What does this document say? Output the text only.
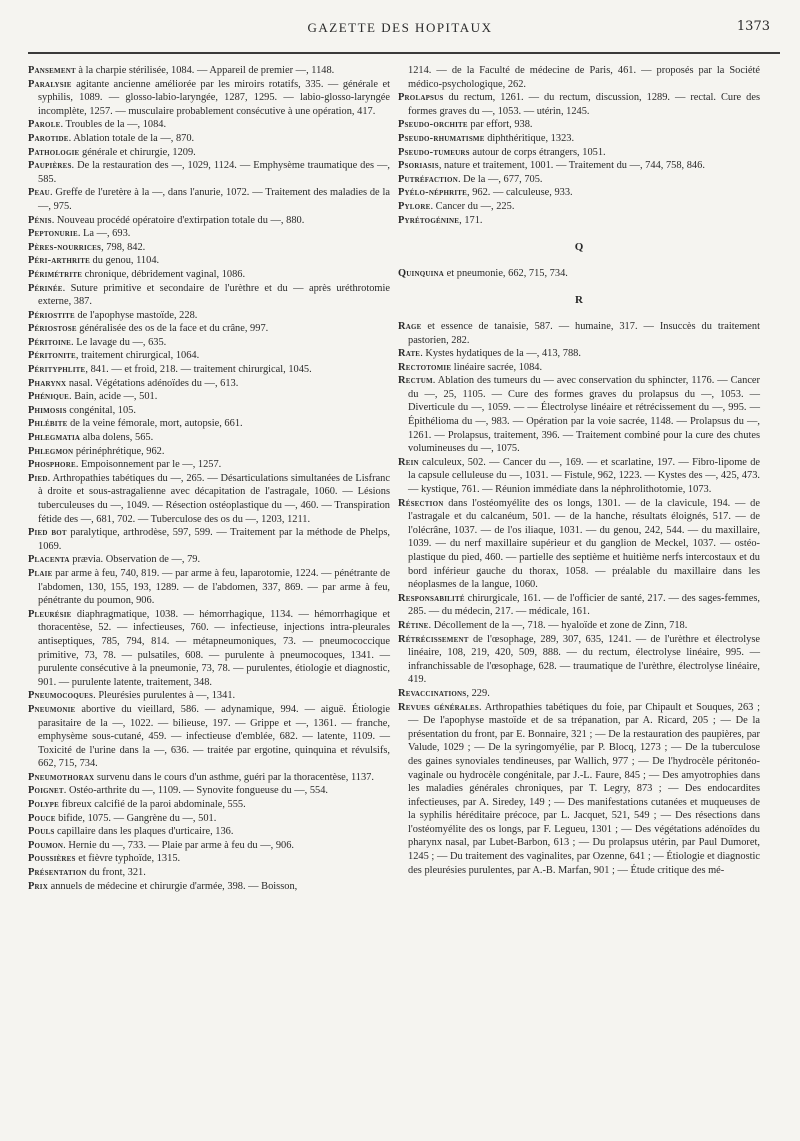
GAZETTE DES HOPITAUX	1373
Pansement à la charpie stérilisée, 1084. — Appareil de premier —, 1148.
Paralysie agitante ancienne améliorée par les miroirs rotatifs, 335. — générale et syphilis, 1089. — glosso-labio-laryngée, 1287, 1295. — labio-glosso-laryngée incomplète, 1257. — musculaire probablement consécutive à une opération, 417.
Parole. Troubles de la —, 1084.
Parotide. Ablation totale de la —, 870.
Pathologie générale et chirurgie, 1209.
Paupières. De la restauration des —, 1029, 1124. — Emphysème traumatique des —, 585.
Peau. Greffe de l'uretère à la —, dans l'anurie, 1072. — Traitement des maladies de la —, 975.
Pénis. Nouveau procédé opératoire d'extirpation totale du —, 880.
Peptonurie. La —, 693.
Pères-nourrices, 798, 842.
Péri-arthrite du genou, 1104.
Périmétrite chronique, débridement vaginal, 1086.
Périnée. Suture primitive et secondaire de l'urèthre et du — après uréthrotomie externe, 387.
Périostite de l'apophyse mastoïde, 228.
Périostose généralisée des os de la face et du crâne, 997.
Péritoine. Le lavage du —, 635.
Péritonite, traitement chirurgical, 1064.
Pérityphlite, 841. — et froid, 218. — traitement chirurgical, 1045.
Pharynx nasal. Végétations adénoïdes du —, 613.
Phénique. Bain, acide —, 501.
Phimosis congénital, 105.
Phlébite de la veine fémorale, mort, autopsie, 661.
Phlegmatia alba dolens, 565.
Phlegmon périnéphrétique, 962.
Phosphore. Empoisonnement par le —, 1257.
Pied. Arthropathies tabétiques du —, 265. — Désarticulations simultanées de Lisfranc à droite et sous-astragalienne avec décapitation de l'astragale, 1060. — Lésions tuberculeuses du —, 1049. — Résection ostéoplastique du —, 460. — Transpiration fétide des —, 681, 702. — Tuberculose des os du —, 1203, 1211.
Pied bot paralytique, arthrodèse, 597, 599. — Traitement par la méthode de Phelps, 1069.
Placenta prævia. Observation de —, 79.
Plaie par arme à feu, 740, 819. — par arme à feu, laparotomie, 1224. — pénétrante de l'abdomen, 130, 155, 193, 1289. — de l'abdomen, 337, 869. — par arme à feu, pénétrante du poumon, 906.
Pleurésie diaphragmatique, 1038. — hémorrhagique, 1134. — hémorrhagique et thoracentèse, 52. — infectieuses, 760. — infectieuse, injections intra-pleurales antiseptiques, 785, 794, 814. — métapneumoniques, 73. — pneumococcique primitive, 73, 78. — pulsatiles, 608. — purulente à pneumocoques, 1341. — purulente consécutive à la pneumonie, 73, 78. — purulentes, étiologie et diagnostic, 901. — purulente latente, traitement, 348.
Pneumocoques. Pleurésies purulentes à —, 1341.
Pneumonie abortive du vieillard, 586. — adynamique, 994. — aiguë. Étiologie parasitaire de la —, 1022. — bilieuse, 197. — Grippe et —, 1361. — franche, emphysème sous-cutané, 459. — infectieuse d'emblée, 682. — latente, 1109. — Toxicité de l'urine dans la —, 636. — traitée par ergotine, quinquina et révulsifs, 662, 715, 734.
Pneumothorax survenu dans le cours d'un asthme, guéri par la thoracentèse, 1137.
Poignet. Ostéo-arthrite du —, 1109. — Synovite fongueuse du —, 554.
Polype fibreux calcifié de la paroi abdominale, 555.
Pouce bifide, 1075. — Gangrène du —, 501.
Pouls capillaire dans les plaques d'urticaire, 136.
Poumon. Hernie du —, 733. — Plaie par arme à feu du —, 906.
Poussières et fièvre typhoïde, 1315.
Présentation du front, 321.
Prix annuels de médecine et chirurgie d'armée, 398. — Boisson,
1214. — de la Faculté de médecine de Paris, 461. — proposés par la Société médico-psychologique, 262.
Prolapsus du rectum, 1261. — du rectum, discussion, 1289. — rectal. Cure des formes graves du —, 1053. — utérin, 1245.
Pseudo-orchite par effort, 938.
Pseudo-rhumatisme diphthéritique, 1323.
Pseudo-tumeurs autour de corps étrangers, 1051.
Psoriasis, nature et traitement, 1001. — Traitement du —, 744, 758, 846.
Putréfaction. De la —, 677, 705.
Pyélo-néphrite, 962. — calculeuse, 933.
Pylore. Cancer du —, 225.
Pyrétogénine, 171.
Q
Quinquina et pneumonie, 662, 715, 734.
R
Rage et essence de tanaisie, 587. — humaine, 317. — Insuccès du traitement pastorien, 282.
Rate. Kystes hydatiques de la —, 413, 788.
Rectotomie linéaire sacrée, 1084.
Rectum. Ablation des tumeurs du — avec conservation du sphincter, 1176. — Cancer du —, 25, 1105. — Cure des formes graves du prolapsus du —, 1053. — Diverticule du —, 1059. — — Électrolyse linéaire et rétrécissement du —, 995. — Épithélioma du —, 983. — Opération par la voie sacrée, 1148. — Prolapsus du —, 1261. — Prolapsus, traitement, 396. — Traitement combiné pour la cure des chutes volumineuses du —, 1075.
Rein calculeux, 502. — Cancer du —, 169. — et scarlatine, 197. — Fibro-lipome de la capsule celluleuse du —, 1031. — Fistule, 962, 1223. — Kystes des —, 425, 473. — kystique, 761. — Réunion immédiate dans la néphrolithotomie, 1073.
Résection dans l'ostéomyélite des os longs, 1301. — de la clavicule, 194. — de l'astragale et du calcanéum, 501. — de la hanche, résultats éloignés, 517. — de l'olécrâne, 1037. — de l'os iliaque, 1031. — du genou, 242, 544. — du maxillaire, 1039. — du nerf maxillaire supérieur et du ganglion de Meckel, 1037. — ostéo-plastique du pied, 460. — partielle des septième et huitième nerfs intercostaux et du bord inférieur gauche du thorax, 1058. — préalable du maxillaire dans les néoplasmes de la langue, 1060.
Responsabilité chirurgicale, 161. — de l'officier de santé, 217. — des sages-femmes, 285. — du médecin, 217. — médicale, 161.
Rétine. Décollement de la —, 718. — hyaloïde et zone de Zinn, 718.
Rétrécissement de l'œsophage, 289, 307, 635, 1241. — de l'urèthre et électrolyse linéaire, 108, 219, 420, 509, 888. — du rectum, électrolyse linéaire, 995. — infranchissable de l'œsophage, 628. — traumatique de l'urèthre, électrolyse linéaire, 419.
Revaccinations, 229.
Revues générales. Arthropathies tabétiques du foie, par Chipault et Souques, 263 ; — De l'apophyse mastoïde et de sa trépanation, par A. Ricard, 205 ; — De la présentation du front, par E. Bonnaire, 321 ; — De la restauration des paupières, par Valude, 1029 ; — De la syringomyélie, par P. Blocq, 1273 ; — De la tuberculose des gaines synoviales tendineuses, par Wallich, 977 ; — De l'hydrocèle péritonéo-vaginale ou hydrocèle congénitale, par J.-L. Faure, 845 ; — Des amyotrophies dans les maladies générales chroniques, par T. Legry, 873 ; — Des endocardites infectieuses, par A. Siredey, 149 ; — Des manifestations cutanées et muqueuses de la syphilis héréditaire précoce, par L. Jacquet, 521, 549 ; — Des résections dans l'ostéomyélite des os longs, par F. Legueu, 1301 ; — Des végétations adénoïdes du pharynx nasal, par Lubet-Barbon, 613 ; — Du prolapsus utérin, par Paul Dumoret, 1245 ; — Du traitement des vaginalites, par Ozenne, 641 ; — Étiologie et diagnostic des pleurésies purulentes, par A.-B. Marfan, 901 ; — Étude critique des mé-
